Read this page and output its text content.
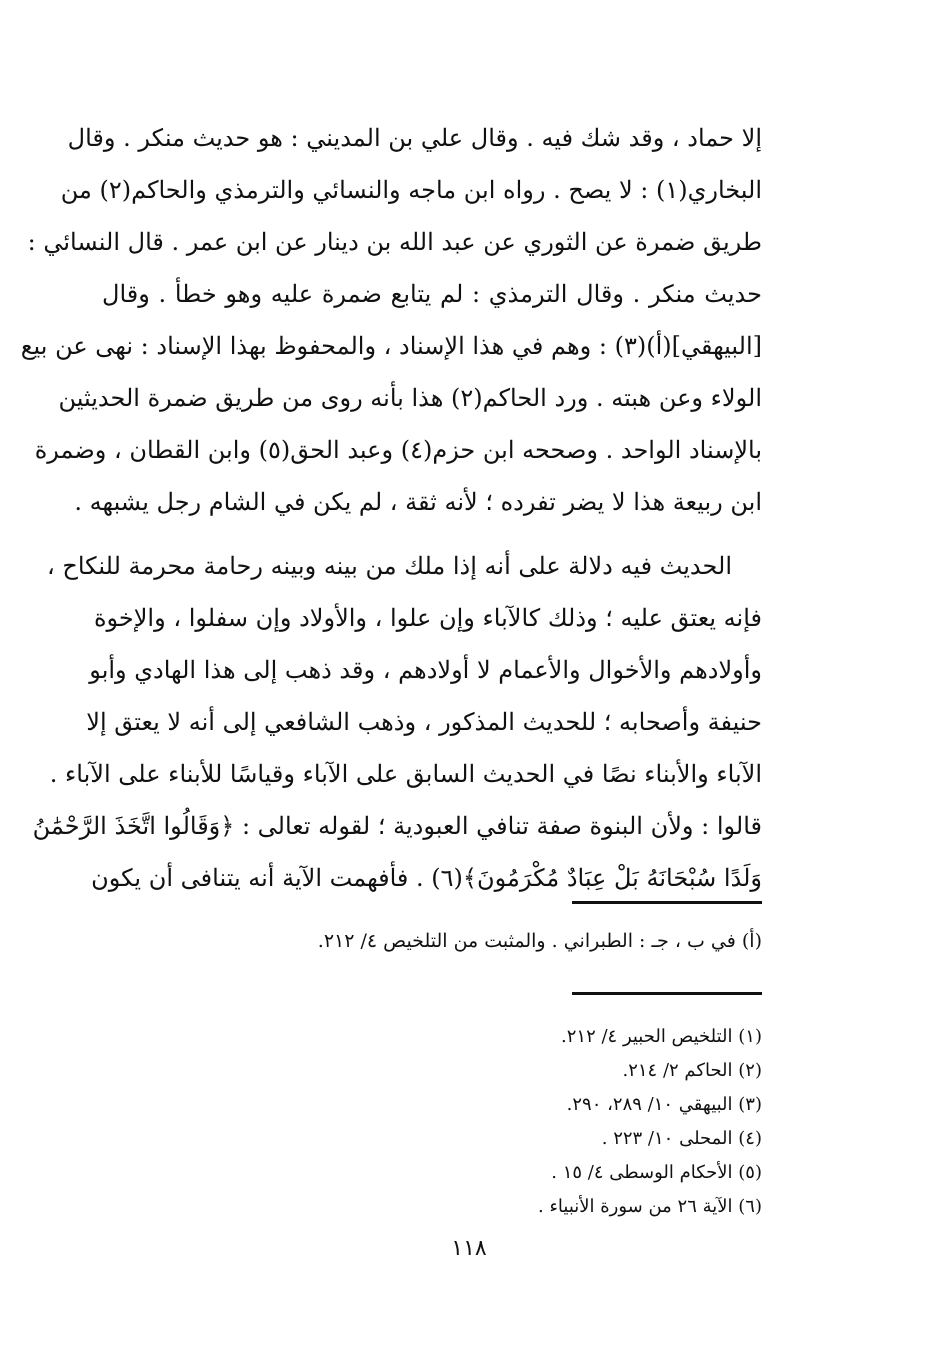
إلا حماد ، وقد شك فيه . وقال علي بن المديني : هو حديث منكر . وقال
البخاري(١) : لا يصح . رواه ابن ماجه والنسائي والترمذي والحاكم(٢) من
طريق ضمرة عن الثوري عن عبد الله بن دينار عن ابن عمر . قال النسائي :
حديث منكر . وقال الترمذي : لم يتابع ضمرة عليه وهو خطأ . وقال
[البيهقي](أ)(٣) : وهم في هذا الإسناد ، والمحفوظ بهذا الإسناد : نهى عن بيع
الولاء وعن هبته . ورد الحاكم(٢) هذا بأنه روى من طريق ضمرة الحديثين
بالإسناد الواحد . وصححه ابن حزم(٤) وعبد الحق(٥) وابن القطان ، وضمرة
ابن ربيعة هذا لا يضر تفرده ؛ لأنه ثقة ، لم يكن في الشام رجل يشبهه .
الحديث فيه دلالة على أنه إذا ملك من بينه وبينه رحامة محرمة للنكاح ،
فإنه يعتق عليه ؛ وذلك كالآباء وإن علوا ، والأولاد وإن سفلوا ، والإخوة
وأولادهم والأخوال والأعمام لا أولادهم ، وقد ذهب إلى هذا الهادي وأبو
حنيفة وأصحابه ؛ للحديث المذكور ، وذهب الشافعي إلى أنه لا يعتق إلا
الآباء والأبناء نصًا في الحديث السابق على الآباء وقياسًا للأبناء على الآباء .
قالوا : ولأن البنوة صفة تنافي العبودية ؛ لقوله تعالى : ﴿وَقَالُوا اتَّخَذَ الرَّحْمَٰنُ
وَلَدًا سُبْحَانَهُ بَلْ عِبَادٌ مُكْرَمُونَ﴾(٦) . فأفهمت الآية أنه يتنافى أن يكون
(أ) في ب ، جـ : الطبراني . والمثبت من التلخيص ٤/ ٢١٢.
(١) التلخيص الحبير ٤/ ٢١٢.
(٢) الحاكم ٢/ ٢١٤.
(٣) البيهقي ١٠/ ٢٨٩، ٢٩٠.
(٤) المحلى ١٠/ ٢٢٣ .
(٥) الأحكام الوسطى ٤/ ١٥ .
(٦) الآية ٢٦ من سورة الأنبياء .
١١٨
